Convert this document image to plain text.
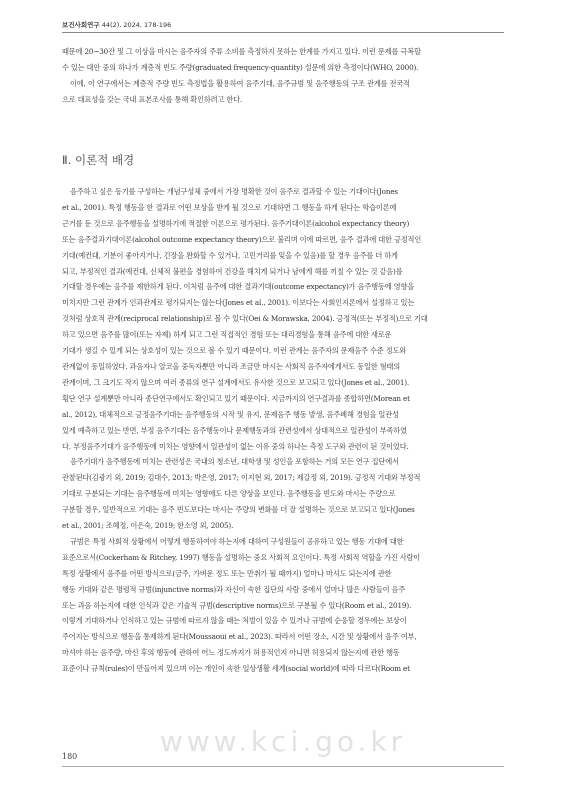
보건사회연구 44(2), 2024, 178-196
때문에 20~30잔 및 그 이상을 마시는 음주자의 주류 소비를 측정하지 못하는 한계를 가지고 있다. 이런 문제를 극복할
수 있는 대안 중의 하나가 계층적 빈도 주량(graduated frequency-quantity) 설문에 의한 측정이다(WHO, 2000).
이에, 이 연구에서는 계층적 주량 빈도 측정법을 활용하여 음주기대, 음주규범 및 음주행동의 구조 관계를 전국적
으로 대표성을 갖는 국내 표본조사를 통해 확인하려고 한다.
Ⅱ. 이론적 배경
음주하고 싶은 동기를 구성하는 개념구성체 중에서 가장 명확한 것이 음주로 결과할 수 있는 기대이다(Jones
et al., 2001). 특정 행동을 한 결과로 어떤 보상을 받게 될 것으로 기대하면 그 행동을 하게 된다는 학습이론에
근거를 둔 것으로 음주행동을 설명하기에 적절한 이론으로 평가된다. 음주기대이론(alcohol expectancy theory)
또는 음주결과기대이론(alcohol outcome expectancy theory)으로 불리며 이에 따르면, 음주 결과에 대한 긍정적인
기대(예컨대, 기분이 좋아지거나, 긴장을 완화할 수 있거나, 고민거리를 잊을 수 있음)를 할 경우 음주를 더 하게
되고, 부정적인 결과(예컨대, 신체적 불편을 경험하여 건강을 해치게 되거나 남에게 해를 끼칠 수 있는 것 같음)를
기대할 경우에는 음주를 제한하게 된다. 이처럼 음주에 대한 결과기대(outcome expectancy)가 음주행동에 영향을
미치지만 그런 관계가 인과관계로 평가되지는 않는다(Jones et al., 2001). 이보다는 사회인지론에서 설정하고 있는
것처럼 상호적 관계(reciprocal relationship)로 볼 수 있다(Oei & Morawska, 2004). 긍정적(또는 부정적)으로 기대
하고 있으면 음주를 많이(또는 자제) 하게 되고 그런 직접적인 경험 또는 대리경험을 통해 음주에 대한 새로운
기대가 생길 수 있게 되는 상호성이 있는 것으로 볼 수 있기 때문이다. 이런 관계는 음주자의 문제음주 수준 정도와
관계없이 동일하였다. 과음자나 알코올 중독자뿐만 아니라 조금만 마시는 사회적 음주자에게서도 동일한 형태의
관계이며, 그 크기도 작지 않으며 여러 종류의 연구 설계에서도 유사한 것으로 보고되고 있다(Jones et al., 2001).
횡단 연구 설계뿐만 아니라 종단연구에서도 확인되고 있기 때문이다. 지금까지의 연구결과를 종합하면(Morean et
al., 2012), 대체적으로 긍정음주기대는 음주행동의 시작 및 유지, 문제음주 행동 발생, 음주폐해 경험을 일관성
있게 예측하고 있는 반면, 부정 음주기대는 음주행동이나 문제행동과의 관련성에서 상대적으로 일관성이 부족하였
다. 부정음주기대가 음주행동에 미치는 영향에서 일관성이 없는 이유 중의 하나는 측정 도구와 관련이 된 것이었다.
음주기대가 음주행동에 미치는 관련성은 국내의 청소년, 대학생 및 성인을 포함하는 거의 모든 연구 집단에서
관찰된다(김광기 외, 2019; 김대수, 2013; 박은영, 2017; 이지현 외, 2017; 제갈정 외, 2019). 긍정적 기대와 부정적
기대로 구분되는 기대는 음주행동에 미치는 영향에도 다른 양상을 보인다. 음주행동을 빈도와 마시는 주량으로
구분할 경우, 일반적으로 기대는 음주 빈도보다는 마시는 주량의 변화를 더 잘 설명하는 것으로 보고되고 있다(Jones
et al., 2001; 조혜정, 이은숙, 2019; 한소영 외, 2005).
규범은 특정 사회적 상황에서 어떻게 행동하여야 하는지에 대하여 구성원들이 공유하고 있는 행동 기대에 대한
표준으로서(Cockerham & Ritchey, 1997) 행동을 설명하는 중요 사회적 요인이다. 특정 사회적 역할을 가진 사람이
특정 상황에서 음주를 어떤 방식으로(금주, 가벼운 정도 또는 만취가 될 때까지) 얼마나 마셔도 되는지에 관한
행동 기대와 같은 명령적 규범(injunctive norms)과 자신이 속한 집단의 사람 중에서 얼마나 많은 사람들이 음주
또는 과음 하는지에 대한 인식과 같은 기술적 규범(descriptive norms)으로 구분될 수 있다(Room et al., 2019).
이렇게 기대하거나 인식하고 있는 규범에 따르지 않을 때는 처벌이 있을 수 있거나 규범에 순응할 경우에는 보상이
주어지는 방식으로 행동을 통제하게 된다(Moussaoui et al., 2023). 따라서 어떤 장소, 시간 및 상황에서 음주 여부,
마셔야 하는 음주량, 마신 후의 행동에 관하여 어느 정도까지가 허용적인지 아니면 허용되지 않는지에 관한 행동
표준이나 규칙(rules)이 만들어져 있으며 이는 개인이 속한 일상생활 세계(social world)에 따라 다르다(Room et
www.kci.go.kr
180
